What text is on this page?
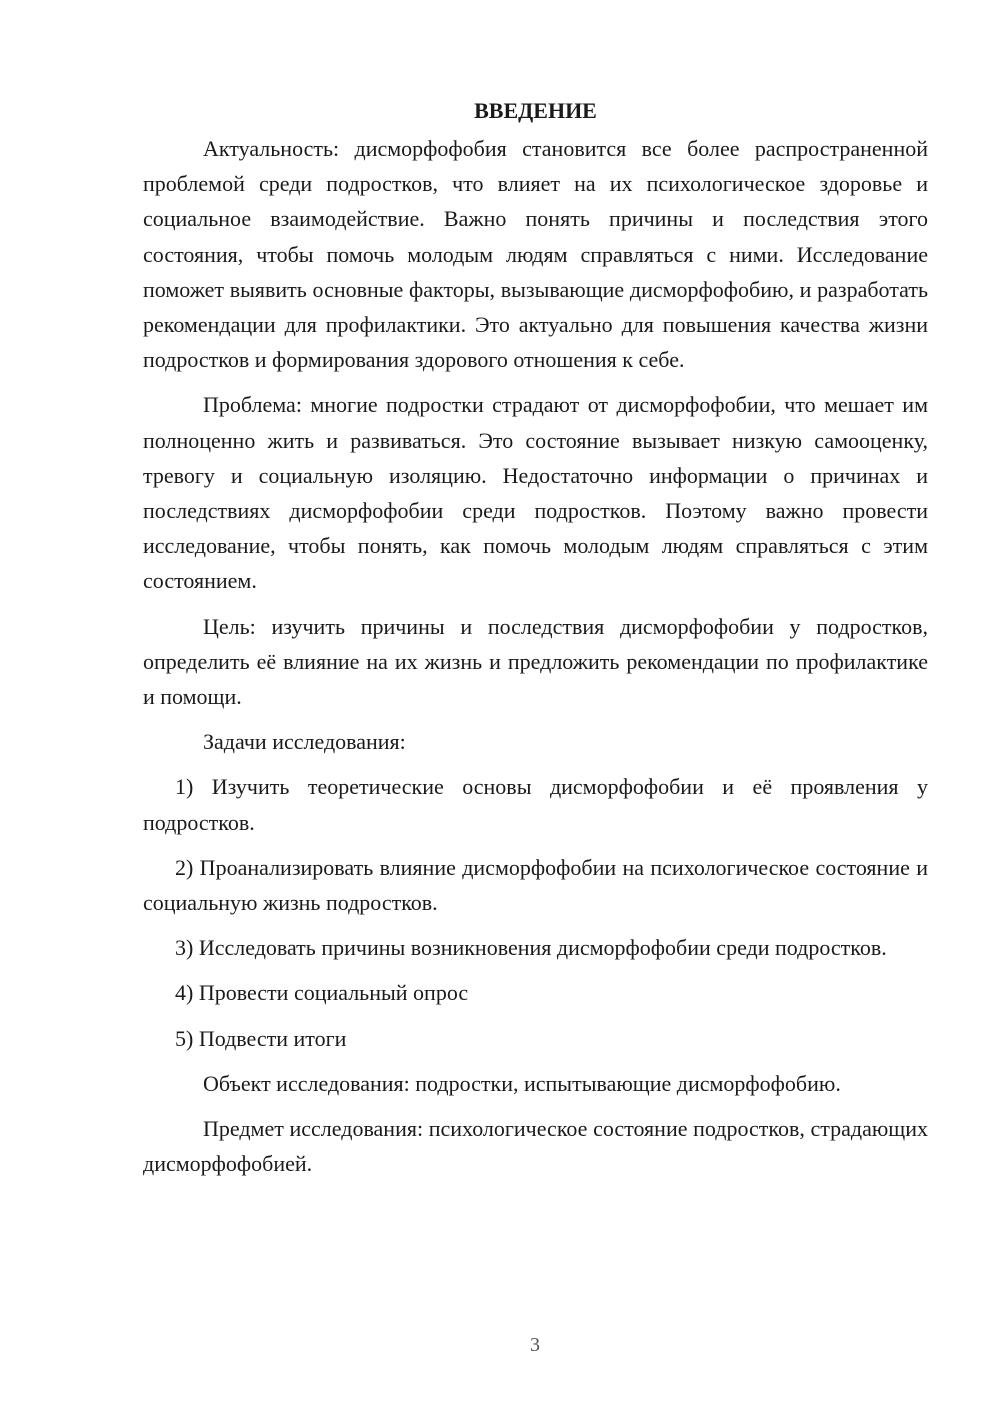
ВВЕДЕНИЕ

Актуальность: дисморфофобия становится все более распространенной проблемой среди подростков, что влияет на их психологическое здоровье и социальное взаимодействие. Важно понять причины и последствия этого состояния, чтобы помочь молодым людям справляться с ними. Исследование поможет выявить основные факторы, вызывающие дисморфофобию, и разработать рекомендации для профилактики. Это актуально для повышения качества жизни подростков и формирования здорового отношения к себе.

Проблема: многие подростки страдают от дисморфофобии, что мешает им полноценно жить и развиваться. Это состояние вызывает низкую самооценку, тревогу и социальную изоляцию. Недостаточно информации о причинах и последствиях дисморфофобии среди подростков. Поэтому важно провести исследование, чтобы понять, как помочь молодым людям справляться с этим состоянием.

Цель: изучить причины и последствия дисморфофобии у подростков, определить её влияние на их жизнь и предложить рекомендации по профилактике и помощи.

Задачи исследования:

1) Изучить теоретические основы дисморфофобии и её проявления у подростков.

2) Проанализировать влияние дисморфофобии на психологическое состояние и социальную жизнь подростков.

3) Исследовать причины возникновения дисморфофобии среди подростков.

4) Провести социальный опрос

5) Подвести итоги

Объект исследования: подростки, испытывающие дисморфофобию.

Предмет исследования: психологическое состояние подростков, страдающих дисморфофобией.

3
